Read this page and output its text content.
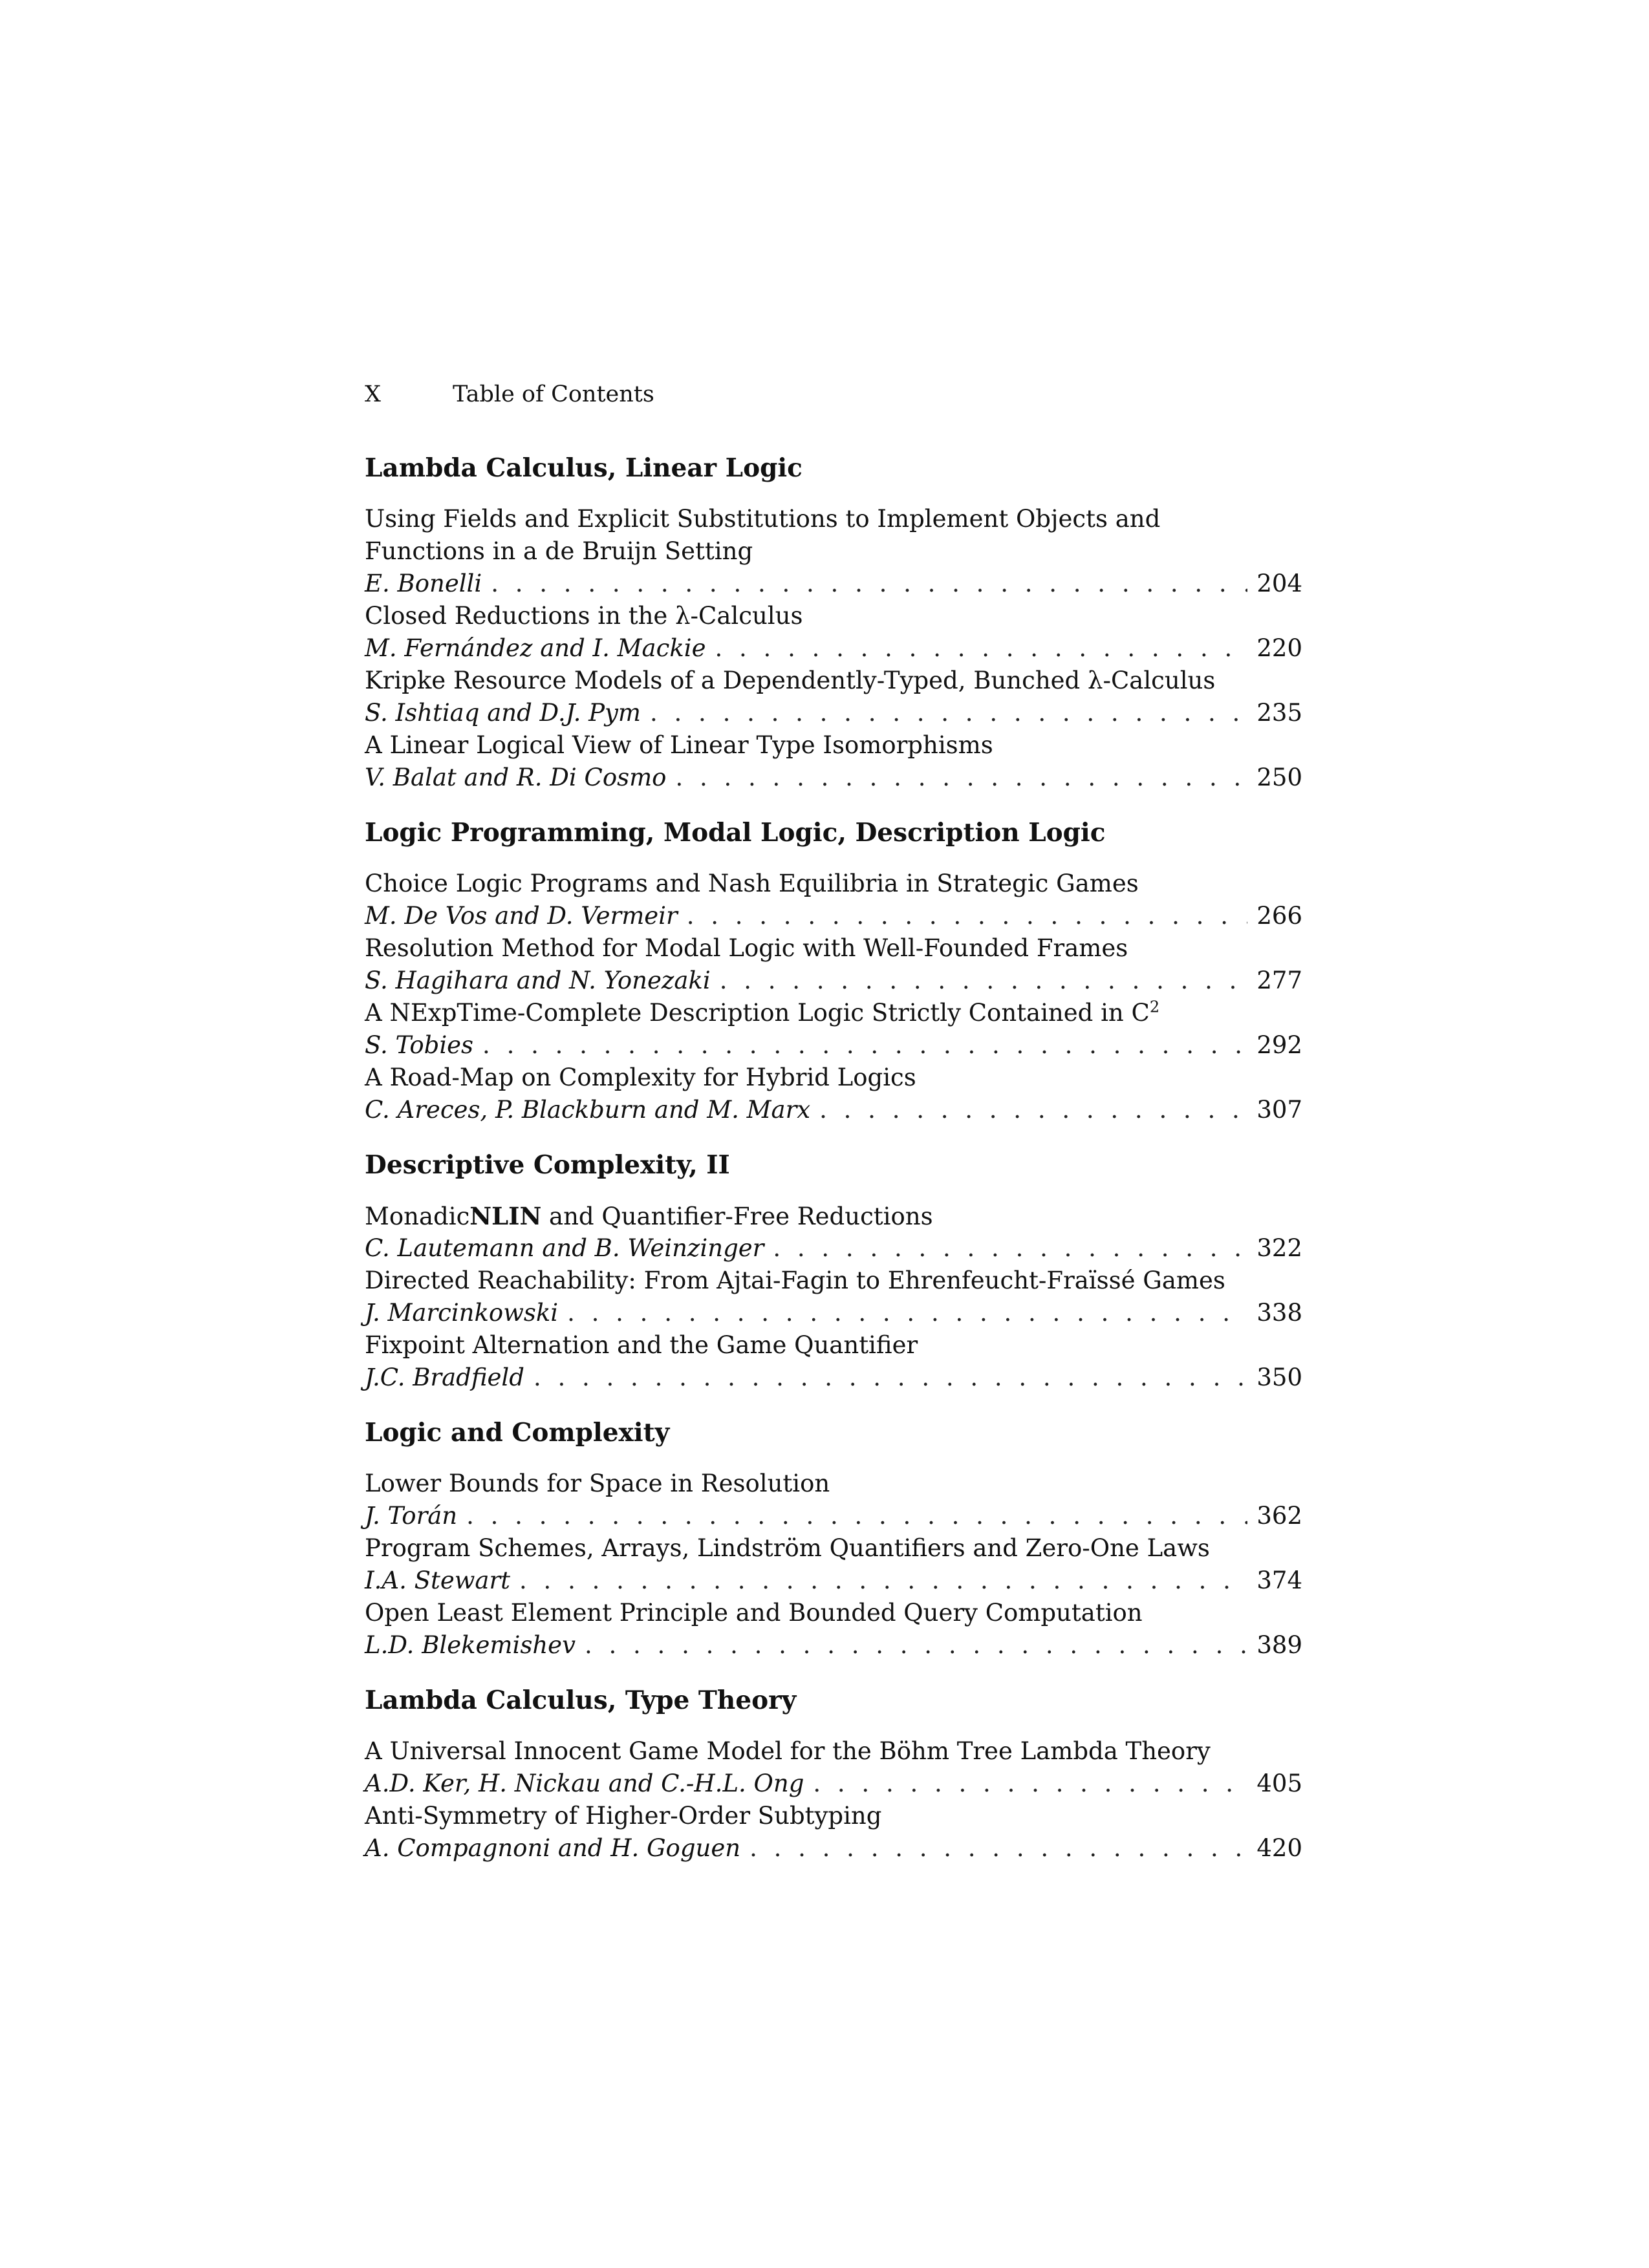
X	Table of Contents
Lambda Calculus, Linear Logic
Using Fields and Explicit Substitutions to Implement Objects and
Functions in a de Bruijn Setting
E. Bonelli . . .	204
Closed Reductions in the λ-Calculus
M. Fernández and I. Mackie . . .	220
Kripke Resource Models of a Dependently-Typed, Bunched λ-Calculus
S. Ishtiaq and D.J. Pym . . .	235
A Linear Logical View of Linear Type Isomorphisms
V. Balat and R. Di Cosmo . . .	250
Logic Programming, Modal Logic, Description Logic
Choice Logic Programs and Nash Equilibria in Strategic Games
M. De Vos and D. Vermeir . . .	266
Resolution Method for Modal Logic with Well-Founded Frames
S. Hagihara and N. Yonezaki . . .	277
A NExpTime-Complete Description Logic Strictly Contained in $C^2$
S. Tobies . . .	292
A Road-Map on Complexity for Hybrid Logics
C. Areces, P. Blackburn and M. Marx . . .	307
Descriptive Complexity, II
MonadicNLIN and Quantifier-Free Reductions
C. Lautemann and B. Weinzinger . . .	322
Directed Reachability: From Ajtai-Fagin to Ehrenfeucht-Fraïssé Games
J. Marcinkowski . . .	338
Fixpoint Alternation and the Game Quantifier
J.C. Bradfield . . .	350
Logic and Complexity
Lower Bounds for Space in Resolution
J. Torán . . .	362
Program Schemes, Arrays, Lindström Quantifiers and Zero-One Laws
I.A. Stewart . . .	374
Open Least Element Principle and Bounded Query Computation
L.D. Blekemishev . . .	389
Lambda Calculus, Type Theory
A Universal Innocent Game Model for the Böhm Tree Lambda Theory
A.D. Ker, H. Nickau and C.-H.L. Ong . . .	405
Anti-Symmetry of Higher-Order Subtyping
A. Compagnoni and H. Goguen . . .	420
